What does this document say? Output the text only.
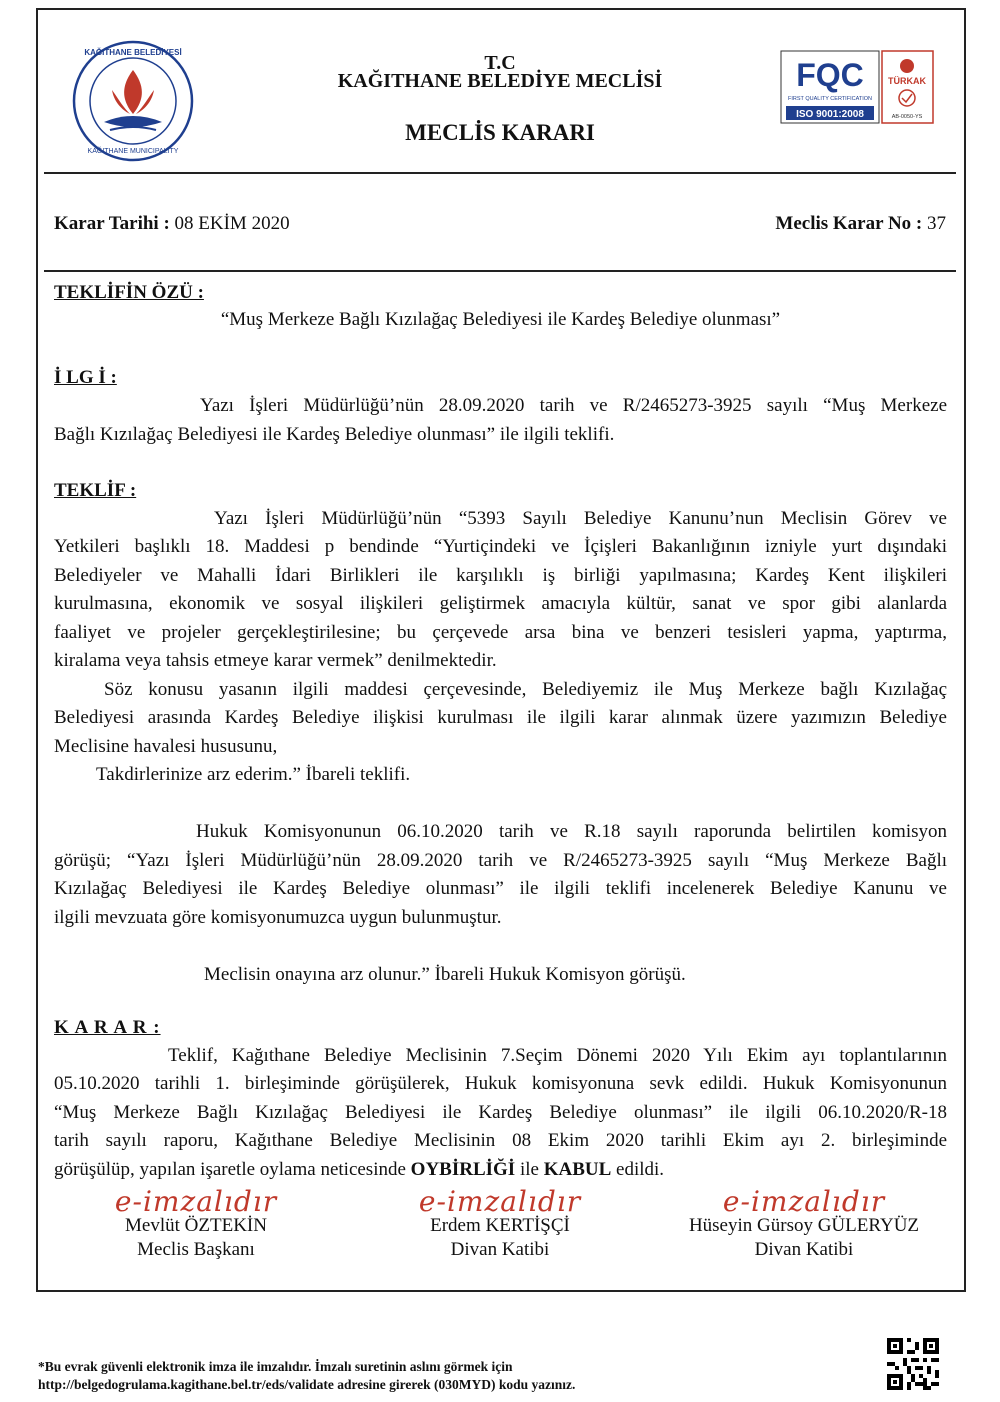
KAĞITHANE BELEDİYESİ
KAĞITHANE MUNICIPALITY
T.C
KAĞITHANE BELEDİYE MECLİSİ
MECLİS KARARI
FQC
FIRST QUALITY CERTIFICATION
ISO 9001:2008
TÜRKAK
AB-0050-YS
Karar Tarihi : 08 EKİM 2020	Meclis Karar No : 37
TEKLİFİN ÖZÜ :
“Muş Merkeze Bağlı Kızılağaç Belediyesi ile Kardeş Belediye olunması”
İ LG İ :
Yazı İşleri Müdürlüğü’nün 28.09.2020 tarih ve R/2465273-3925 sayılı “Muş Merkeze
Bağlı Kızılağaç Belediyesi ile Kardeş Belediye olunması” ile ilgili teklifi.
TEKLİF :
Yazı İşleri Müdürlüğü’nün “5393 Sayılı Belediye Kanunu’nun Meclisin Görev ve
Yetkileri başlıklı 18. Maddesi p bendinde “Yurtiçindeki ve İçişleri Bakanlığının izniyle yurt dışındaki
Belediyeler ve Mahalli İdari Birlikleri ile karşılıklı iş birliği yapılmasına; Kardeş Kent ilişkileri
kurulmasına, ekonomik ve sosyal ilişkileri geliştirmek amacıyla kültür, sanat ve spor gibi alanlarda
faaliyet ve projeler gerçekleştirilesine; bu çerçevede arsa bina ve benzeri tesisleri yapma, yaptırma,
kiralama veya tahsis etmeye karar vermek” denilmektedir.
Söz konusu yasanın ilgili maddesi çerçevesinde, Belediyemiz ile Muş Merkeze bağlı Kızılağaç
Belediyesi arasında Kardeş Belediye ilişkisi kurulması ile ilgili karar alınmak üzere yazımızın Belediye
Meclisine havalesi hususunu,
Takdirlerinize arz ederim.” İbareli teklifi.
Hukuk Komisyonunun 06.10.2020 tarih ve R.18 sayılı raporunda belirtilen komisyon
görüşü; “Yazı İşleri Müdürlüğü’nün 28.09.2020 tarih ve R/2465273-3925 sayılı “Muş Merkeze Bağlı
Kızılağaç Belediyesi ile Kardeş Belediye olunması” ile ilgili teklifi incelenerek Belediye Kanunu ve
ilgili mevzuata göre komisyonumuzca uygun bulunmuştur.
Meclisin onayına arz olunur.” İbareli Hukuk Komisyon görüşü.
K A R A R :
Teklif, Kağıthane Belediye Meclisinin 7.Seçim Dönemi 2020 Yılı Ekim ayı toplantılarının
05.10.2020 tarihli 1. birleşiminde görüşülerek, Hukuk komisyonuna sevk edildi. Hukuk Komisyonunun
“Muş Merkeze Bağlı Kızılağaç Belediyesi ile Kardeş Belediye olunması” ile ilgili 06.10.2020/R-18
tarih sayılı raporu, Kağıthane Belediye Meclisinin 08 Ekim 2020 tarihli Ekim ayı 2. birleşiminde
görüşülüp, yapılan işaretle oylama neticesinde OYBİRLİĞİ ile KABUL edildi.
e-imzalıdır
Mevlüt ÖZTEKİN
Meclis Başkanı
e-imzalıdır
Erdem KERTİŞÇİ
Divan Katibi
e-imzalıdır
Hüseyin Gürsoy GÜLERYÜZ
Divan Katibi
*Bu evrak güvenli elektronik imza ile imzalıdır. İmzalı suretinin aslını görmek için
http://belgedogrulama.kagithane.bel.tr/eds/validate adresine girerek (030MYD) kodu yazınız.
